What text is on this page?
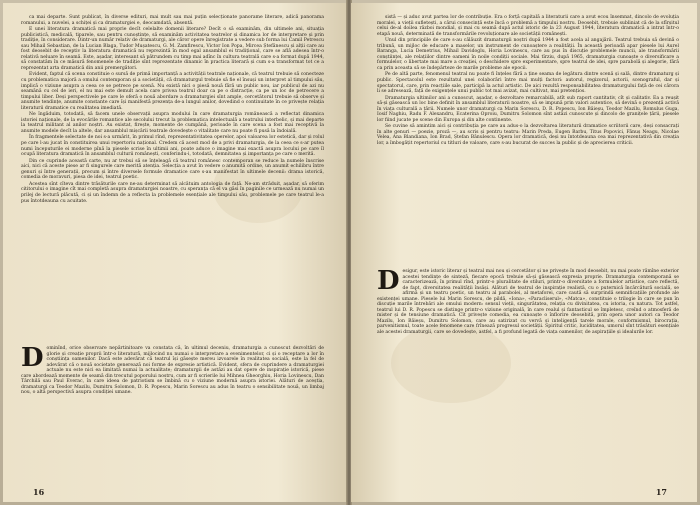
ca mai departe. Sunt publicat, în diverse edituri, mai mult sau mai puțin selecționate panorame literare, adică panorama romanului, a nuvelei, a schiței și ca dramaturgiei e, deocamdată, absentă.

E unei literatura dramatică mai proprie decît celelalte domenii literare? Decît o să examinăm, din ultimele ani, situația publicistică, medicală, tiparele, sau pentru cunoștințe, să examinăm activitatea teatrelor și dinamica lor de interpretare și prin tradiție, în considerare. Dintr-un număr relativ de dramaturgi, ale căror opere înregistrate a vedere sub forma lui Camil Petrescu sau Mihail Sebastian, de la Lucian Blaga, Tudor Mușatescu, G. M. Zamfirescu, Victor Ion Popa, Mircea Ștefănescu și alții care au fost deosebit de receptiv la literatura dramatică nu reprezintă în mod egal ansamblul ei tradițional, care se află adesea într-o relativă neluare în seamă. Este, așadar, interesant să pătrundem cu timp mai adînc în cultura teatrală care s-a format după 1944, să constatăm în ce măsură fenomenele de tradiție sînt reprezentate dinamic în practica literară și cum s-a transformat tot ce a reprezentat arta dramatică din anii premergători.

Evident, faptul că scena constituie o sursă de primă importanță a activității teatrale naționale, că teatrul trebuie să conecteze cu problematica majoră a omului contemporan și a societății, că dramaturgul trebuie să fie el însuși un interpret al timpului său, implică o viziune asupra a ceea ce se petrece pe scenă. Nu există nici o piesă nouă fără un public nou, iar publicul de azi nu seamănă cu cel de ieri, el nu mai este demult acela care privea teatrul doar ca pe o distracție, ca pe un loc de petrecere a timpului liber. Deși perspectivele pe care le oferă o nouă abordare a dramaturgiei sînt ample, cercetătorul trebuie să observe și anumite tendințe, anumite constante care își manifestă prezența de-a lungul anilor, dovedind o continuitate în ce privește relația literaturii dramatice cu realitatea imediată.

Ne îngăduim, totodată, să facem unele observații asupra modului în care dramaturgia românească a reflectat dinamica istoriei naționale, de la evocările romantice ale secolului trecut la problematica intelectuală a teatrului interbelic, și mai departe la teatrul militant al anilor noștri. Au existat, firește, momente de cumpănă, perioade în care scena a fost mai receptivă la anumite modele decît la altele, dar ansamblul mișcării teatrale dovedește o vitalitate care nu poate fi pusă la îndoială.

În fragmentele selectate de noi s-a urmărit, în primul rînd, reprezentativitatea operelor, apoi valoarea lor estetică, dar și rolul pe care l-au jucat în constituirea unui repertoriu național. Credem că acest mod de a privi dramaturgia, de la ceea ce s-ar putea numi începuturile ei moderne pînă la piesele scrise în ultimii ani, poate aduce o imagine mai exactă asupra locului pe care îl ocupă literatura dramatică în ansamblul culturii românești, conferindu-i, totodată, demnitatea și importanța pe care o merită.

Din ce cuprinde această carte, nu ar trebui să se înțeleagă că teatrul românesc contemporan se reduce la numele înscrise aici, nici că aceste piese ar fi singurele care merită atenția. Selecția a avut în vedere o anumită ordine, un anumit echilibru între genuri și între generații, precum și între diversele formule dramatice care s-au manifestat în ultimele decenii: drama istorică, comedia de moravuri, piesa de idei, teatrul poetic.

Acestea sînt cîteva dintre trăsăturile care ne-au determinat să alcătuim antologia de față. Ne-am străduit, așadar, să oferim cititorului o imagine cît mai completă asupra dramaturgiei noastre, cu speranța că el va găsi în paginile ce urmează nu numai un prilej de lectură plăcută, ci și un îndemn de a reflecta la problemele esențiale ale timpului său, problemele pe care teatrul le-a pus întotdeauna cu acuitate.

D ominînd, orice observare nepărtinitoare va constata că, în ultimul deceniu, dramaturgia a cunoscut dezvoltări de glorie și creație proprii într-o literatură, mijlocind nu numai o interpretare a evenimentelor, ci și o receptare a lor în conștiința oamenilor. Dacă este adevărat că teatrul își găsește mereu izvoarele în realitatea socială, este la fel de adevărat că o nouă societate generează noi forme de expresie artistică. Evident, sfera de cuprindere a dramaturgiei actuale nu este nici ea limitată numai la actualitate; dramaturgii de astăzi au dat opere de inspirație istorică, piese care abordează momente de seamă din trecutul poporului nostru, cum ar fi scrierile lui Mihnea Gheorghiu, Horia Lovinescu, Dan Tărchilă sau Paul Everac, în care ideea de patriotism se îmbină cu o viziune modernă asupra istoriei. Alături de aceștia, dramaturgi ca Teodor Mazilu, Dumitru Solomon, D. R. Popescu, Marin Sorescu au adus în teatru o sensibilitate nouă, un limbaj nou, o altă perspectivă asupra condiției umane.
16

sistă — și aduc avut partea lor de contribuție. Era o forță capitală a literaturii care a avut ecou însemnat, dincolo de evoluția moralei, a vieții sufletești, a cărui consecință este încă o problemă a timpului nostru. Deosebit, trebuie subliniat că de la sfîrșitul celui de-al doilea război mondial, și mai cu seamă după actul istoric de la 23 August 1944, literatura dramatică a intrat într-o etapă nouă, determinată de transformările revoluționare ale societății românești.

Unul din principiile de care s-au călăuzit dramaturgii noștri după 1944 a fost acela al angajării. Teatrul trebuia să devină o tribună, un mijloc de educare a maselor, un instrument de cunoaștere a realității. În această perioadă apar piesele lui Aurel Baranga, Lucia Demetrius, Mihail Davidoglu, Horia Lovinescu, care au pus în discuție problemele muncii, ale transformării conștiinței, ale relațiilor dintre oameni în noile condiții sociale. Mai tîrziu, după 1965, dramaturgia cunoaște o diversificare a formulelor, o libertate mai mare a creației, o deschidere spre experimentare, spre teatrul de idei, spre parabolă și alegorie, fără ca prin aceasta să se îndepărteze de marile probleme ale epocii.

Pe de altă parte, fenomenul teatral nu poate fi înțeles fără a ține seama de legătura dintre scenă și sală, dintre dramaturg și public. Spectacolul este rezultatul unei colaborări între mai mulți factori: autorul, regizorul, actorii, scenograful, dar și spectatorul, care, prin reacțiile sale, participă la actul artistic. De aici rezultă responsabilitatea dramaturgului față de cei cărora li se adresează, față de exigențele unui public tot mai avizat, mai cultivat, mai pretențios.

Dramaturgia ultimilor ani a cunoscut, așadar, o dezvoltare remarcabilă, atît sub raport cantitativ, cît și calitativ. Ea a reușit să-și găsească un loc bine definit în ansamblul literaturii noastre, să se impună prin valori autentice, să devină o prezență activă în viața culturală a țării. Numele unor dramaturgi ca Marin Sorescu, D. R. Popescu, Ion Băieșu, Teodor Mazilu, Romulus Guga, Iosif Naghiu, Radu F. Alexandru, Ecaterina Oproiu, Dumitru Solomon sînt astăzi cunoscute și dincolo de granițele țării, piesele lor fiind jucate pe scene din Europa și din alte continente.

Se cuvine să amintim aici și contribuția pe care au adus-o la dezvoltarea literaturii dramatice scriitorii care, deși consacrați în alte genuri — poezie, proză —, au scris și pentru teatru: Marin Preda, Eugen Barbu, Titus Popovici, Fănuș Neagu, Nicolae Velea, Ana Blandiana, Ion Brad, Ștefan Bănulescu. Opera lor dramatică, deși nu întotdeauna cea mai reprezentativă din creația lor, a îmbogățit repertoriul cu titluri de valoare, care s-au bucurat de succes la public și de aprecierea criticii.

D esigur, este istoric literar și teatral mai nou și cercetător și ne privește în mod deosebit, nu mai poate rămîne exterior acestei tendințe de sinteză, fiecare epocă trebuie să-și găsească expresia proprie. Dramaturgia contemporană se caracterizează, în primul rînd, printr-o pluralitate de stiluri, printr-o diversitate a formulelor artistice, care reflectă, de fapt, diversitatea realității însăși. Alături de teatrul de inspirație realistă, cu o puternică încărcătură socială, se afirmă și un teatru poetic, un teatru al parabolei, al metaforei, care caută să surprindă semnificațiile profunde ale existenței umane. Piesele lui Marin Sorescu, de pildă, «Iona», «Paracliserul», «Matca», constituie o trilogie în care se pun în discuție marile întrebări ale omului modern: sensul vieții, singurătatea, relația cu divinitatea, cu istoria, cu natura. Tot astfel, teatrul lui D. R. Popescu se distinge printr-o viziune originală, în care realul și fantasticul se împletesc, creînd o atmosferă de mister și de tensiune dramatică. Cît privește comedia, ea cunoaște o înflorire deosebită, prin opera unor autori ca Teodor Mazilu, Ion Băieșu, Dumitru Solomon, care au satirizat cu vervă și inteligență tarele morale, conformismul, birocrația, parvenitismul, toate acele fenomene care frînează progresul societății. Spiritul critic, luciditatea, umorul sînt trăsături esențiale ale acestei dramaturgii, care se dovedește, astfel, a fi profund legată de viața oamenilor, de aspirațiile și idealurile lor.
17
